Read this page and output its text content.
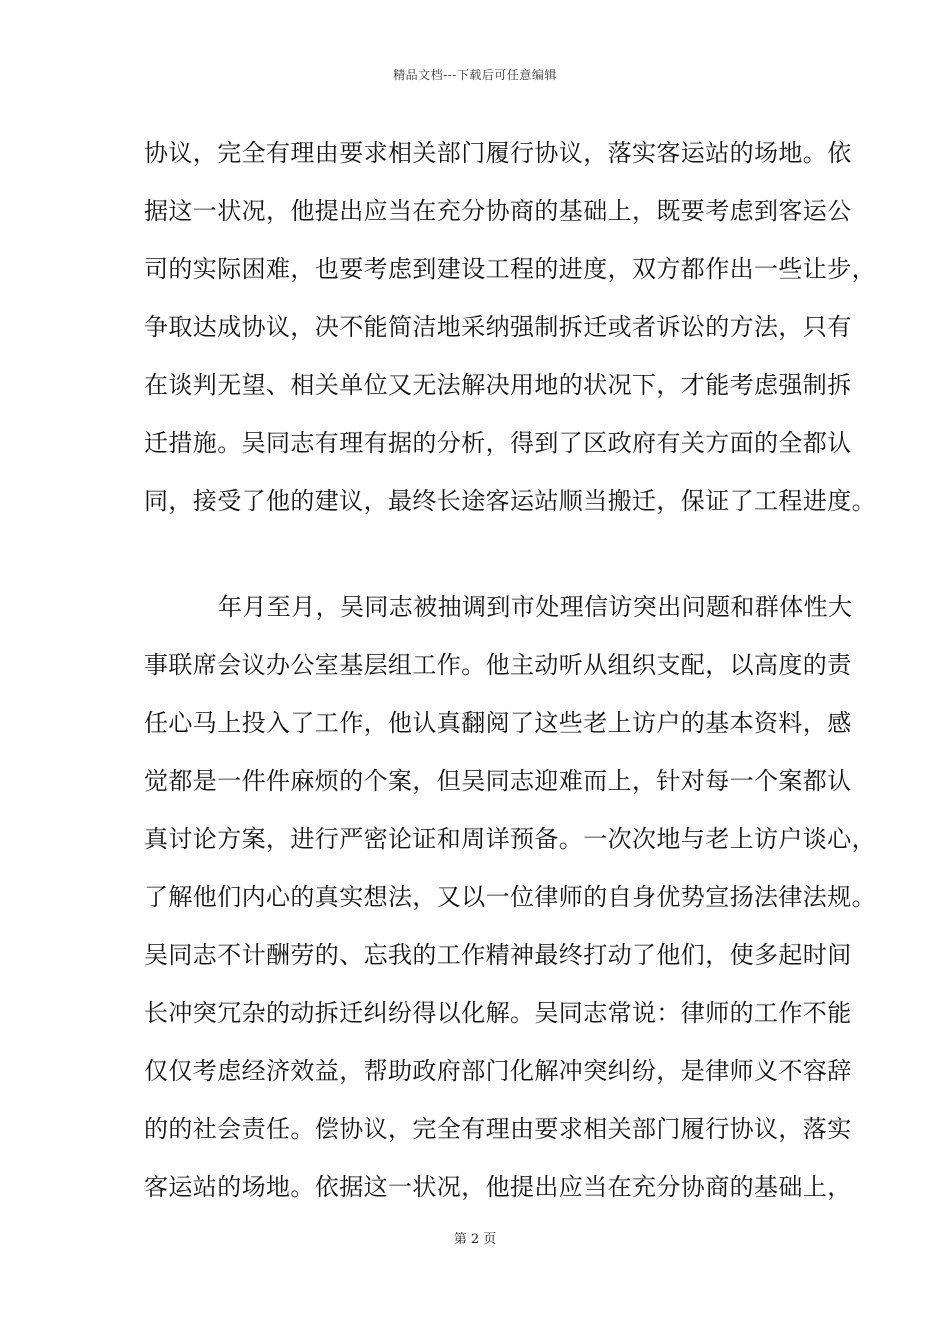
精品文档---下载后可任意编辑
协议，完全有理由要求相关部门履行协议，落实客运站的场地。依
据这一状况，他提出应当在充分协商的基础上，既要考虑到客运公
司的实际困难，也要考虑到建设工程的进度，双方都作出一些让步，
争取达成协议，决不能简洁地采纳强制拆迁或者诉讼的方法，只有
在谈判无望、相关单位又无法解决用地的状况下，才能考虑强制拆
迁措施。吴同志有理有据的分析，得到了区政府有关方面的全都认
同，接受了他的建议，最终长途客运站顺当搬迁，保证了工程进度。
年月至月，吴同志被抽调到市处理信访突出问题和群体性大
事联席会议办公室基层组工作。他主动听从组织支配，以高度的责
任心马上投入了工作，他认真翻阅了这些老上访户的基本资料，感
觉都是一件件麻烦的个案，但吴同志迎难而上，针对每一个案都认
真讨论方案，进行严密论证和周详预备。一次次地与老上访户谈心，
了解他们内心的真实想法，又以一位律师的自身优势宣扬法律法规。
吴同志不计酬劳的、忘我的工作精神最终打动了他们，使多起时间
长冲突冗杂的动拆迁纠纷得以化解。吴同志常说：律师的工作不能
仅仅考虑经济效益，帮助政府部门化解冲突纠纷，是律师义不容辞
的的社会责任。偿协议，完全有理由要求相关部门履行协议，落实
客运站的场地。依据这一状况，他提出应当在充分协商的基础上，
第 2 页
